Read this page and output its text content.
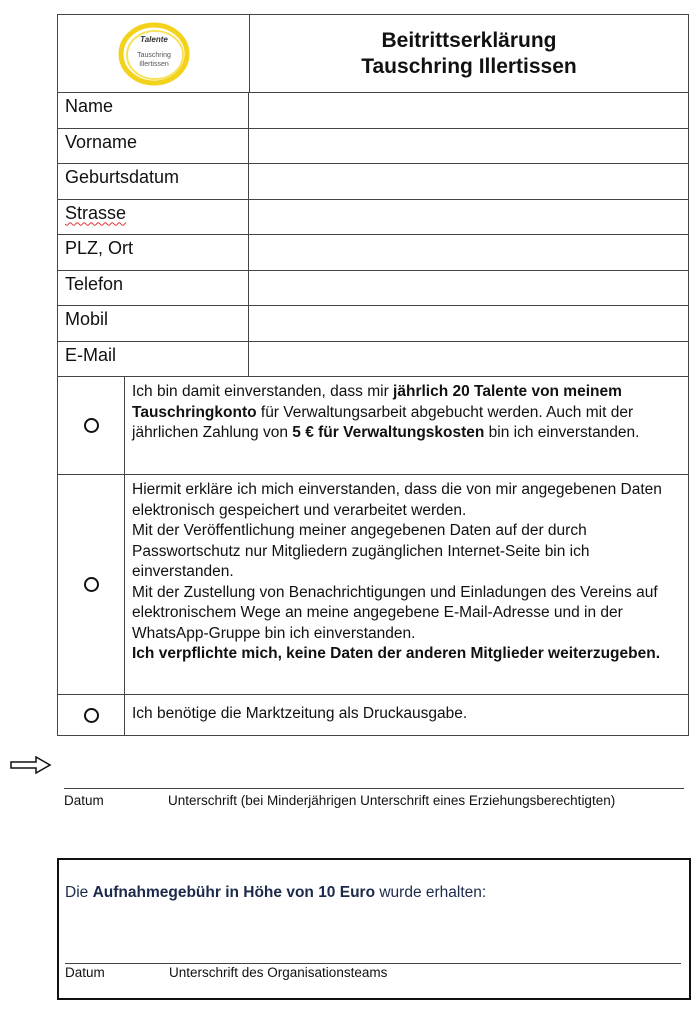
Talente
Tauschring
Illertissen
Beitrittserklärung
Tauschring Illertissen
Name
Vorname
Geburtsdatum
Strasse
PLZ, Ort
Telefon
Mobil
E-Mail
Ich bin damit einverstanden, dass mir jährlich 20 Talente von meinem Tauschringkonto für Verwaltungsarbeit abgebucht werden. Auch mit der jährlichen Zahlung von 5 € für Verwaltungskosten bin ich einverstanden.
Hiermit erkläre ich mich einverstanden, dass die von mir angegebenen Daten elektronisch gespeichert und verarbeitet werden.
Mit der Veröffentlichung meiner angegebenen Daten auf der durch Passwortschutz nur Mitgliedern zugänglichen Internet-Seite bin ich einverstanden.
Mit der Zustellung von Benachrichtigungen und Einladungen des Vereins auf elektronischem Wege an meine angegebene E-Mail-Adresse und in der WhatsApp-Gruppe bin ich einverstanden.
Ich verpflichte mich, keine Daten der anderen Mitglieder weiterzugeben.
Ich benötige die Marktzeitung als Druckausgabe.
Datum	Unterschrift (bei Minderjährigen Unterschrift eines Erziehungsberechtigten)
Die Aufnahmegebühr in Höhe von 10 Euro wurde erhalten:
Datum	Unterschrift des Organisationsteams
